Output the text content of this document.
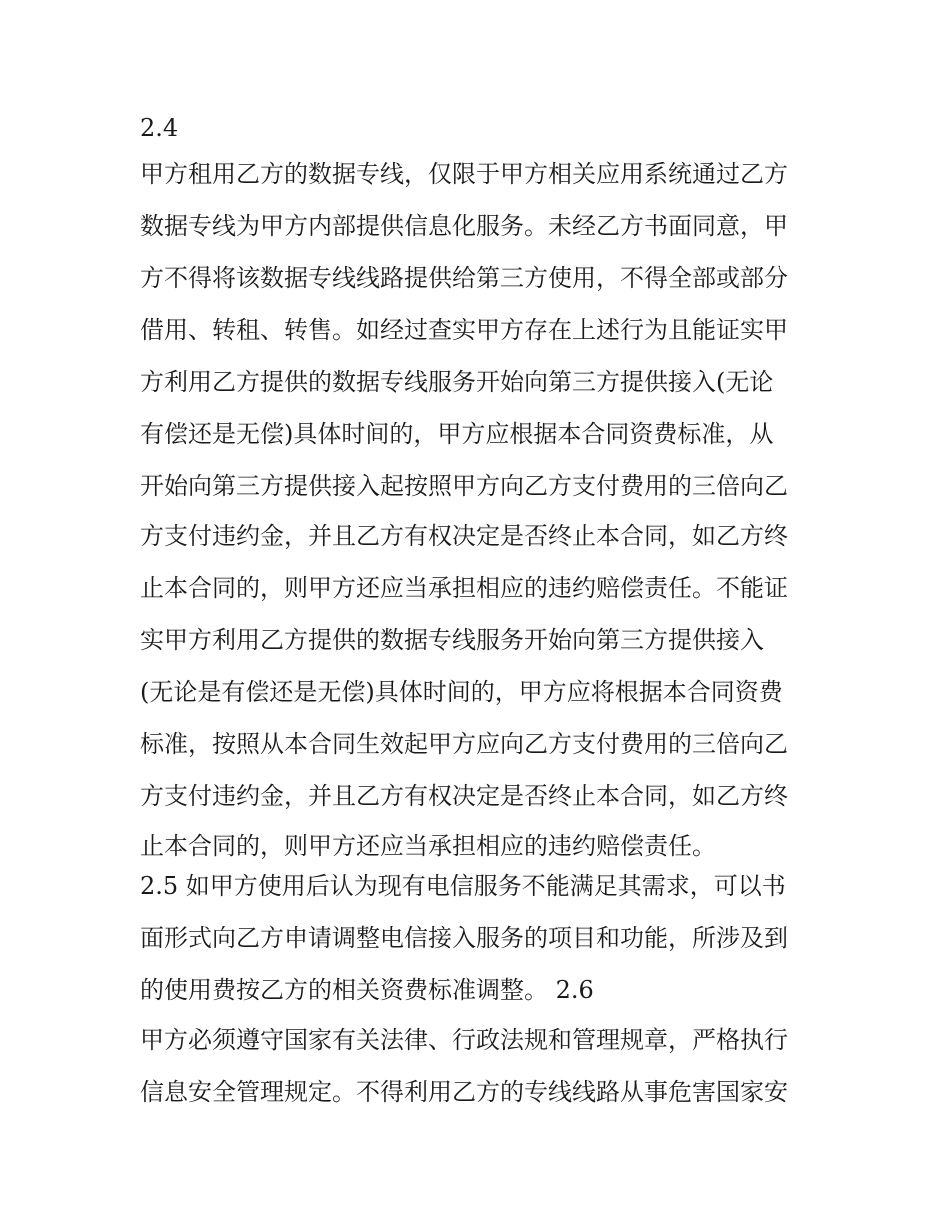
2.4
甲方租用乙方的数据专线，仅限于甲方相关应用系统通过乙方
数据专线为甲方内部提供信息化服务。未经乙方书面同意，甲
方不得将该数据专线线路提供给第三方使用，不得全部或部分
借用、转租、转售。如经过查实甲方存在上述行为且能证实甲
方利用乙方提供的数据专线服务开始向第三方提供接入(无论
有偿还是无偿)具体时间的，甲方应根据本合同资费标准，从
开始向第三方提供接入起按照甲方向乙方支付费用的三倍向乙
方支付违约金，并且乙方有权决定是否终止本合同，如乙方终
止本合同的，则甲方还应当承担相应的违约赔偿责任。不能证
实甲方利用乙方提供的数据专线服务开始向第三方提供接入
(无论是有偿还是无偿)具体时间的，甲方应将根据本合同资费
标准，按照从本合同生效起甲方应向乙方支付费用的三倍向乙
方支付违约金，并且乙方有权决定是否终止本合同，如乙方终
止本合同的，则甲方还应当承担相应的违约赔偿责任。
2.5 如甲方使用后认为现有电信服务不能满足其需求，可以书
面形式向乙方申请调整电信接入服务的项目和功能，所涉及到
的使用费按乙方的相关资费标准调整。 2.6
甲方必须遵守国家有关法律、行政法规和管理规章，严格执行
信息安全管理规定。不得利用乙方的专线线路从事危害国家安
